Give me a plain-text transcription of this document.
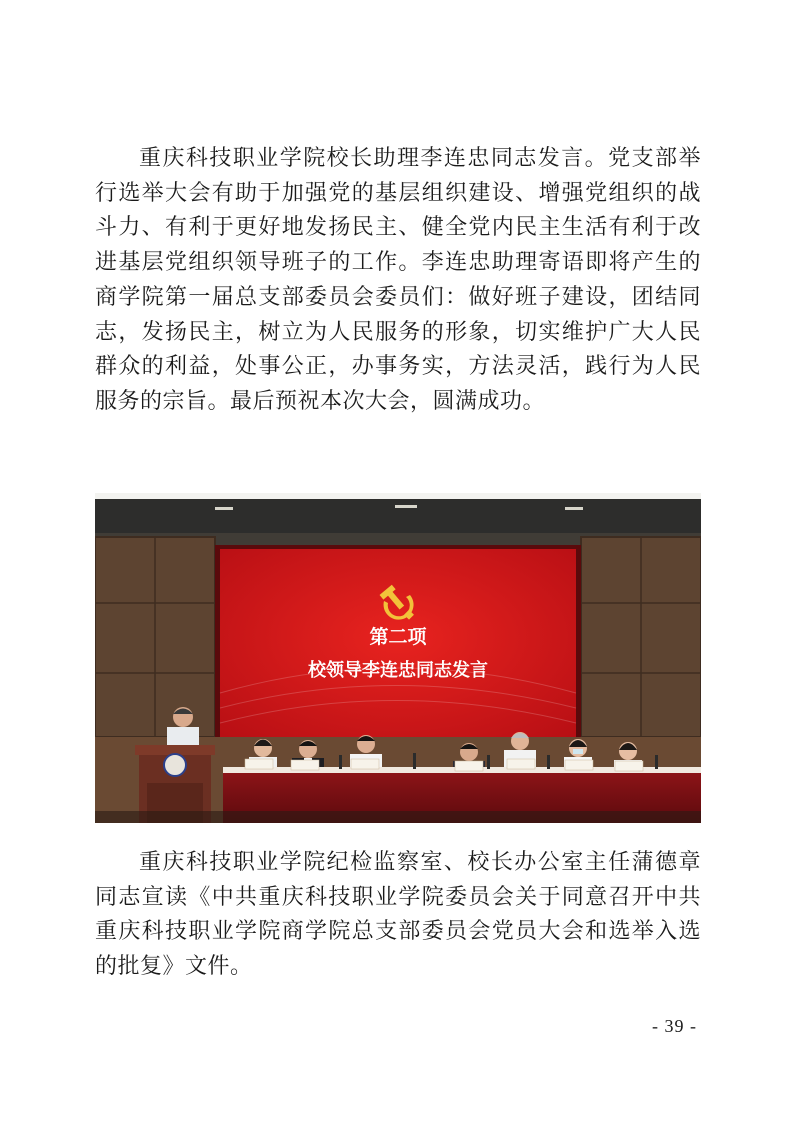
重庆科技职业学院校长助理李连忠同志发言。党支部举行选举大会有助于加强党的基层组织建设、增强党组织的战斗力、有利于更好地发扬民主、健全党内民主生活有利于改进基层党组织领导班子的工作。李连忠助理寄语即将产生的商学院第一届总支部委员会委员们：做好班子建设，团结同志，发扬民主，树立为人民服务的形象，切实维护广大人民群众的利益，处事公正，办事务实，方法灵活，践行为人民服务的宗旨。最后预祝本次大会，圆满成功。

第二项
校领导李连忠同志发言

重庆科技职业学院纪检监察室、校长办公室主任蒲德章同志宣读《中共重庆科技职业学院委员会关于同意召开中共重庆科技职业学院商学院总支部委员会党员大会和选举入选的批复》文件。

- 39 -
